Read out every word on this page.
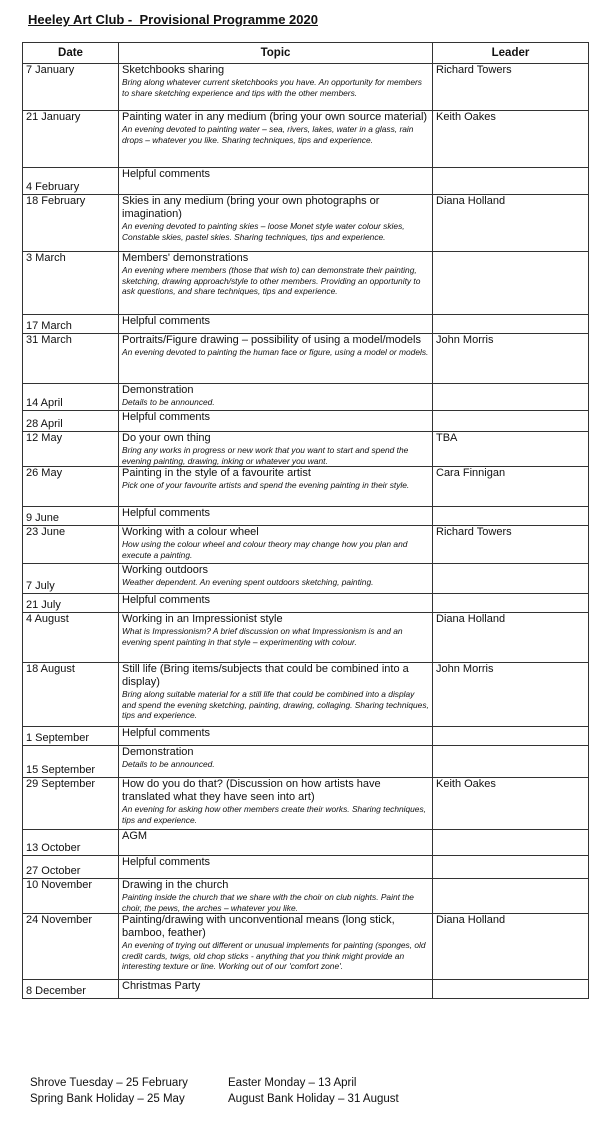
Heeley Art Club -  Provisional Programme 2020
Date	Topic	Leader
7 January	Sketchbooks sharing
Bring along whatever current sketchbooks you have. An opportunity for members to share sketching experience and tips with the other members.	Richard Towers
21 January	Painting water in any medium (bring your own source material)
An evening devoted to painting water – sea, rivers, lakes, water in a glass, rain drops – whatever you like. Sharing techniques, tips and experience.	Keith Oakes
4 February	Helpful comments	

18 February	Skies in any medium (bring your own photographs or imagination)
An evening devoted to painting skies – loose Monet style water colour skies, Constable skies, pastel skies. Sharing techniques, tips and experience.	Diana Holland
3 March	Members' demonstrations
An evening where members (those that wish to) can demonstrate their painting, sketching, drawing approach/style to other members. Providing an opportunity to ask questions, and share techniques, tips and experience.	

17 March	Helpful comments	

31 March	Portraits/Figure drawing – possibility of using a model/models
An evening devoted to painting the human face or figure, using a model or models.	John Morris
14 April	Demonstration
Details to be announced.	

28 April	Helpful comments	

12 May	Do your own thing
Bring any works in progress or new work that you want to start and spend the evening painting, drawing, inking or whatever you want.	TBA
26 May	Painting in the style of a favourite artist
Pick one of your favourite artists and spend the evening painting in their style.	Cara Finnigan
9 June	Helpful comments	

23 June	Working with a colour wheel
How using the colour wheel and colour theory may change how you plan and execute a painting.	Richard Towers
7 July	Working outdoors
Weather dependent. An evening spent outdoors sketching, painting.	

21 July	Helpful comments	

4 August	Working in an Impressionist style
What is Impressionism? A brief discussion on what Impressionism is and an evening spent painting in that style – experimenting with colour.	Diana Holland
18 August	Still life (Bring items/subjects that could be combined into a display)
Bring along suitable material for a still life that could be combined into a display and spend the evening sketching, painting, drawing, collaging. Sharing techniques, tips and experience.	John Morris
1 September	Helpful comments	

15 September	Demonstration
Details to be announced.	

29 September	How do you do that? (Discussion on how artists have translated what they have seen into art)
An evening for asking how other members create their works. Sharing techniques, tips and experience.	Keith Oakes
13 October	AGM	

27 October	Helpful comments	

10 November	Drawing in the church
Painting inside the church that we share with the choir on club nights. Paint the choir, the pews, the arches – whatever you like.	

24 November	Painting/drawing with unconventional means (long stick, bamboo, feather)
An evening of trying out different or unusual implements for painting (sponges, old credit cards, twigs, old chop sticks - anything that you think might provide an interesting texture or line. Working out of our 'comfort zone'.	Diana Holland
8 December	Christmas Party	

Shrove Tuesday – 25 February	Easter Monday – 13 April
Spring Bank Holiday – 25 May	August Bank Holiday – 31 August
